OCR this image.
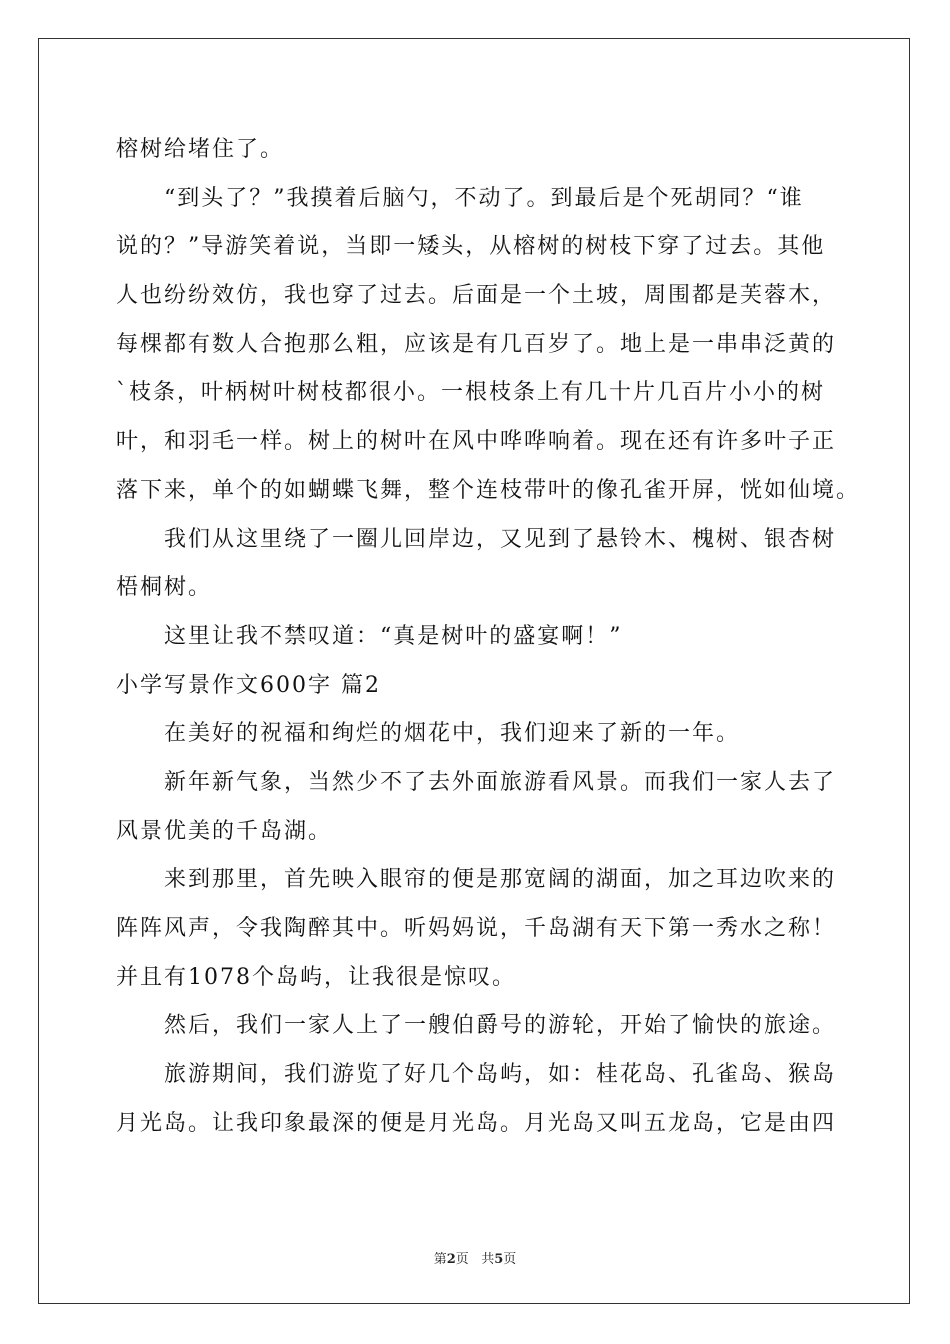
榕树给堵住了。
“到头了？”我摸着后脑勺，不动了。到最后是个死胡同？“谁
说的？”导游笑着说，当即一矮头，从榕树的树枝下穿了过去。其他
人也纷纷效仿，我也穿了过去。后面是一个土坡，周围都是芙蓉木，
每棵都有数人合抱那么粗，应该是有几百岁了。地上是一串串泛黄的
`枝条，叶柄树叶树枝都很小。一根枝条上有几十片几百片小小的树
叶，和羽毛一样。树上的树叶在风中哗哗响着。现在还有许多叶子正
落下来，单个的如蝴蝶飞舞，整个连枝带叶的像孔雀开屏，恍如仙境。
我们从这里绕了一圈儿回岸边，又见到了悬铃木、槐树、银杏树
梧桐树。
这里让我不禁叹道：“真是树叶的盛宴啊！”
小学写景作文600字 篇2
在美好的祝福和绚烂的烟花中，我们迎来了新的一年。
新年新气象，当然少不了去外面旅游看风景。而我们一家人去了
风景优美的千岛湖。
来到那里，首先映入眼帘的便是那宽阔的湖面，加之耳边吹来的
阵阵风声，令我陶醉其中。听妈妈说，千岛湖有天下第一秀水之称！
并且有1078个岛屿，让我很是惊叹。
然后，我们一家人上了一艘伯爵号的游轮，开始了愉快的旅途。
旅游期间，我们游览了好几个岛屿，如：桂花岛、孔雀岛、猴岛
月光岛。让我印象最深的便是月光岛。月光岛又叫五龙岛，它是由四
第2页 共5页
